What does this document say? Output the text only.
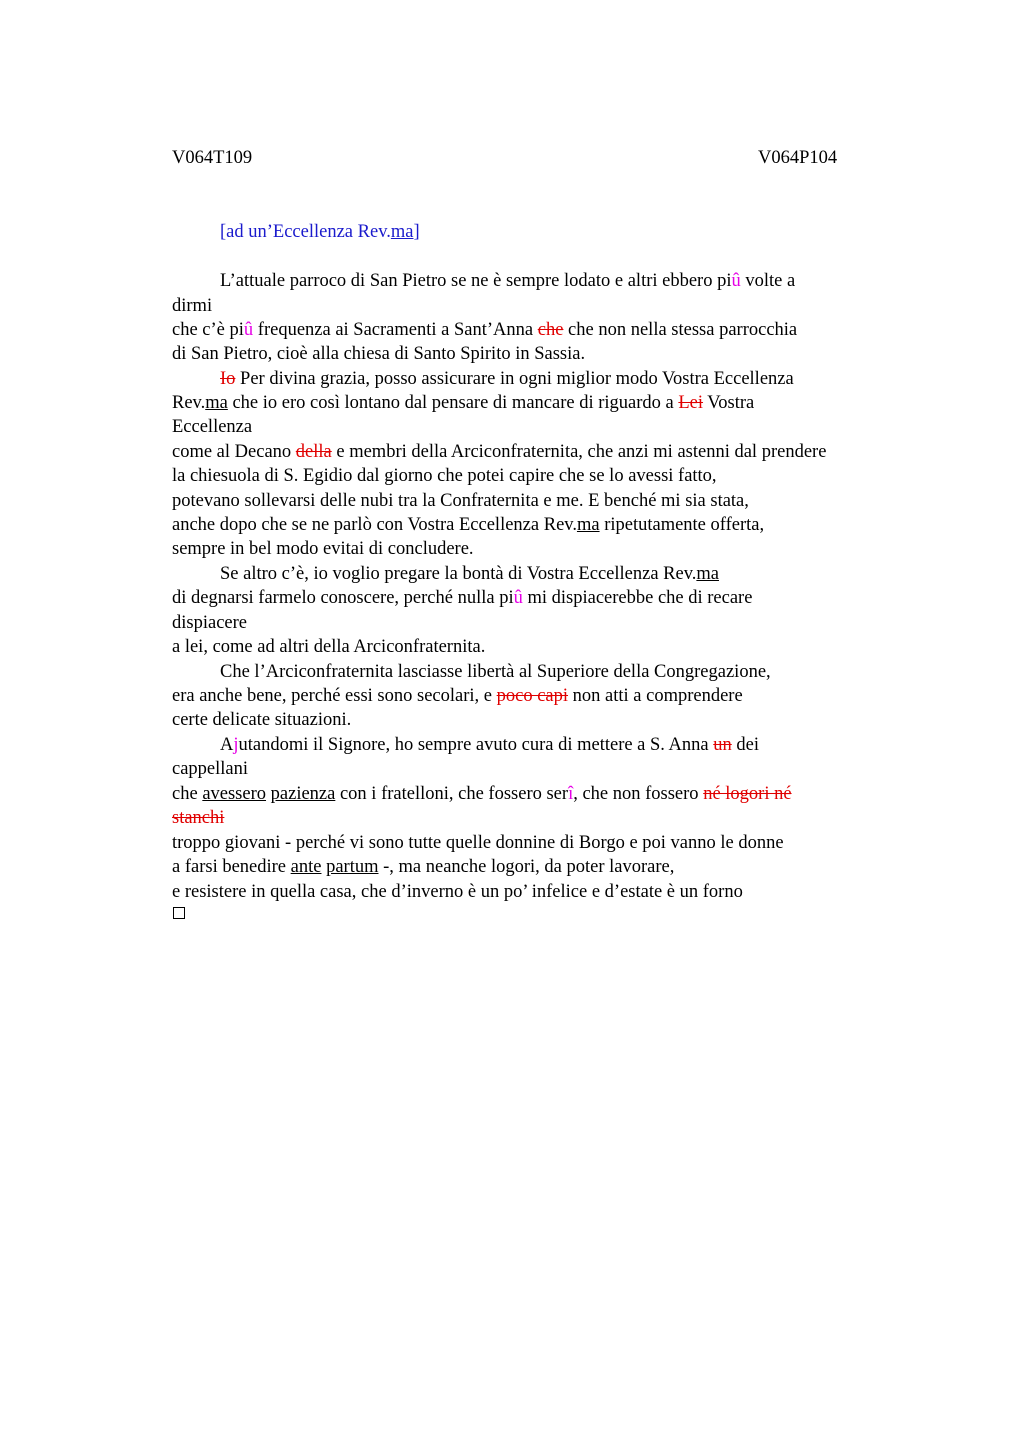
V064T109	V064P104
[ad un’Eccellenza Rev.ma]
L’attuale parroco di San Pietro se ne è sempre lodato e altri ebbero piû volte a
dirmi
che c’è piû frequenza ai Sacramenti a Sant’Anna che che non nella stessa parrocchia
di San Pietro, cioè alla chiesa di Santo Spirito in Sassia.
Io Per divina grazia, posso assicurare in ogni miglior modo Vostra Eccellenza
Rev.ma che io ero così lontano dal pensare di mancare di riguardo a Lei Vostra
Eccellenza
come al Decano della e membri della Arciconfraternita, che anzi mi astenni dal prendere
la chiesuola di S. Egidio dal giorno che potei capire che se lo avessi fatto,
potevano sollevarsi delle nubi tra la Confraternita e me. E benché mi sia stata,
anche dopo che se ne parlò con Vostra Eccellenza Rev.ma ripetutamente offerta,
sempre in bel modo evitai di concludere.
Se altro c’è, io voglio pregare la bontà di Vostra Eccellenza Rev.ma
di degnarsi farmelo conoscere, perché nulla piû mi dispiacerebbe che di recare
dispiacere
a lei, come ad altri della Arciconfraternita.
Che l’Arciconfraternita lasciasse libertà al Superiore della Congregazione,
era anche bene, perché essi sono secolari, e poco capi non atti a comprendere
certe delicate situazioni.
Ajutandomi il Signore, ho sempre avuto cura di mettere a S. Anna un dei
cappellani
che avessero pazienza con i fratelloni, che fossero serî, che non fossero né logori né
stanchi
troppo giovani - perché vi sono tutte quelle donnine di Borgo e poi vanno le donne
a farsi benedire ante partum -, ma neanche logori, da poter lavorare,
e resistere in quella casa, che d’inverno è un po’ infelice e d’estate è un forno
